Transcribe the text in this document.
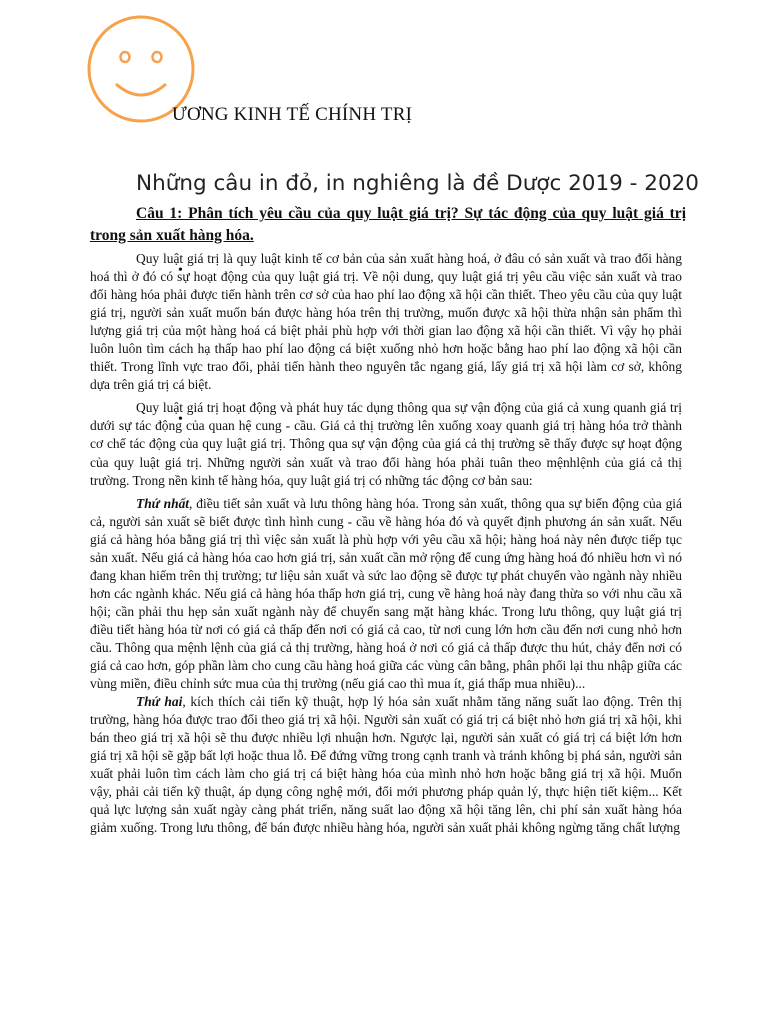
ƯƠNG KINH TẾ CHÍNH TRỊ
Những câu in đỏ, in nghiêng là đề Dược 2019 - 2020
Câu 1: Phân tích yêu cầu của quy luật giá trị? Sự tác động của quy luật giá trị trong sản xuất hàng hóa.

Quy luật giá trị là quy luật kinh tế cơ bản của sản xuất hàng hoá, ở đâu có sản xuất và trao đổi hàng hoá thì ở đó có sự hoạt động của quy luật giá trị. Về nội dung, quy luật giá trị yêu cầu việc sản xuất và trao đổi hàng hóa phải được tiến hành trên cơ sở của hao phí lao động xã hội cần thiết. Theo yêu cầu của quy luật giá trị, người sản xuất muốn bán được hàng hóa trên thị trường, muốn được xã hội thừa nhận sản phẩm thì lượng giá trị của một hàng hoá cá biệt phải phù hợp với thời gian lao động xã hội cần thiết. Vì vậy họ phải luôn luôn tìm cách hạ thấp hao phí lao động cá biệt xuống nhỏ hơn hoặc bằng hao phí lao động xã hội cần thiết. Trong lĩnh vực trao đổi, phải tiến hành theo nguyên tắc ngang giá, lấy giá trị xã hội làm cơ sở, không dựa trên giá trị cá biệt.

Quy luật giá trị hoạt động và phát huy tác dụng thông qua sự vận động của giá cả xung quanh giá trị dưới sự tác động của quan hệ cung - cầu. Giá cả thị trường lên xuống xoay quanh giá trị hàng hóa trở thành cơ chế tác động của quy luật giá trị. Thông qua sự vận động của giá cả thị trường sẽ thấy được sự hoạt động của quy luật giá trị. Những người sản xuất và trao đổi hàng hóa phải tuân theo mệnhlệnh của giá cả thị trường. Trong nền kinh tế hàng hóa, quy luật giá trị có những tác động cơ bản sau:

Thứ nhất, điều tiết sản xuất và lưu thông hàng hóa. Trong sản xuất, thông qua sự biến động của giá cả, người sản xuất sẽ biết được tình hình cung - cầu về hàng hóa đó và quyết định phương án sản xuất. Nếu giá cả hàng hóa bằng giá trị thì việc sản xuất là phù hợp với yêu cầu xã hội; hàng hoá này nên được tiếp tục sản xuất. Nếu giá cả hàng hóa cao hơn giá trị, sản xuất cần mở rộng để cung ứng hàng hoá đó nhiều hơn vì nó đang khan hiếm trên thị trường; tư liệu sản xuất và sức lao động sẽ được tự phát chuyển vào ngành này nhiều hơn các ngành khác. Nếu giá cả hàng hóa thấp hơn giá trị, cung về hàng hoá này đang thừa so với nhu cầu xã hội; cần phải thu hẹp sản xuất ngành này để chuyển sang mặt hàng khác. Trong lưu thông, quy luật giá trị điều tiết hàng hóa từ nơi có giá cả thấp đến nơi có giá cả cao, từ nơi cung lớn hơn cầu đến nơi cung nhỏ hơn cầu. Thông qua mệnh lệnh của giá cả thị trường, hàng hoá ở nơi có giá cả thấp được thu hút, chảy đến nơi có giá cả cao hơn, góp phần làm cho cung cầu hàng hoá giữa các vùng cân bằng, phân phối lại thu nhập giữa các vùng miền, điều chỉnh sức mua của thị trường (nếu giá cao thì mua ít, giá thấp mua nhiều)...

Thứ hai, kích thích cải tiến kỹ thuật, hợp lý hóa sản xuất nhằm tăng năng suất lao động. Trên thị trường, hàng hóa được trao đổi theo giá trị xã hội. Người sản xuất có giá trị cá biệt nhỏ hơn giá trị xã hội, khi bán theo giá trị xã hội sẽ thu được nhiều lợi nhuận hơn. Ngược lại, người sản xuất có giá trị cá biệt lớn hơn giá trị xã hội sẽ gặp bất lợi hoặc thua lỗ. Để đứng vững trong cạnh tranh và tránh không bị phá sản, người sản xuất phải luôn tìm cách làm cho giá trị cá biệt hàng hóa của mình nhỏ hơn hoặc bằng giá trị xã hội. Muốn vậy, phải cải tiến kỹ thuật, áp dụng công nghệ mới, đổi mới phương pháp quản lý, thực hiện tiết kiệm... Kết quả lực lượng sản xuất ngày càng phát triển, năng suất lao động xã hội tăng lên, chi phí sản xuất hàng hóa giảm xuống. Trong lưu thông, để bán được nhiều hàng hóa, người sản xuất phải không ngừng tăng chất lượng
